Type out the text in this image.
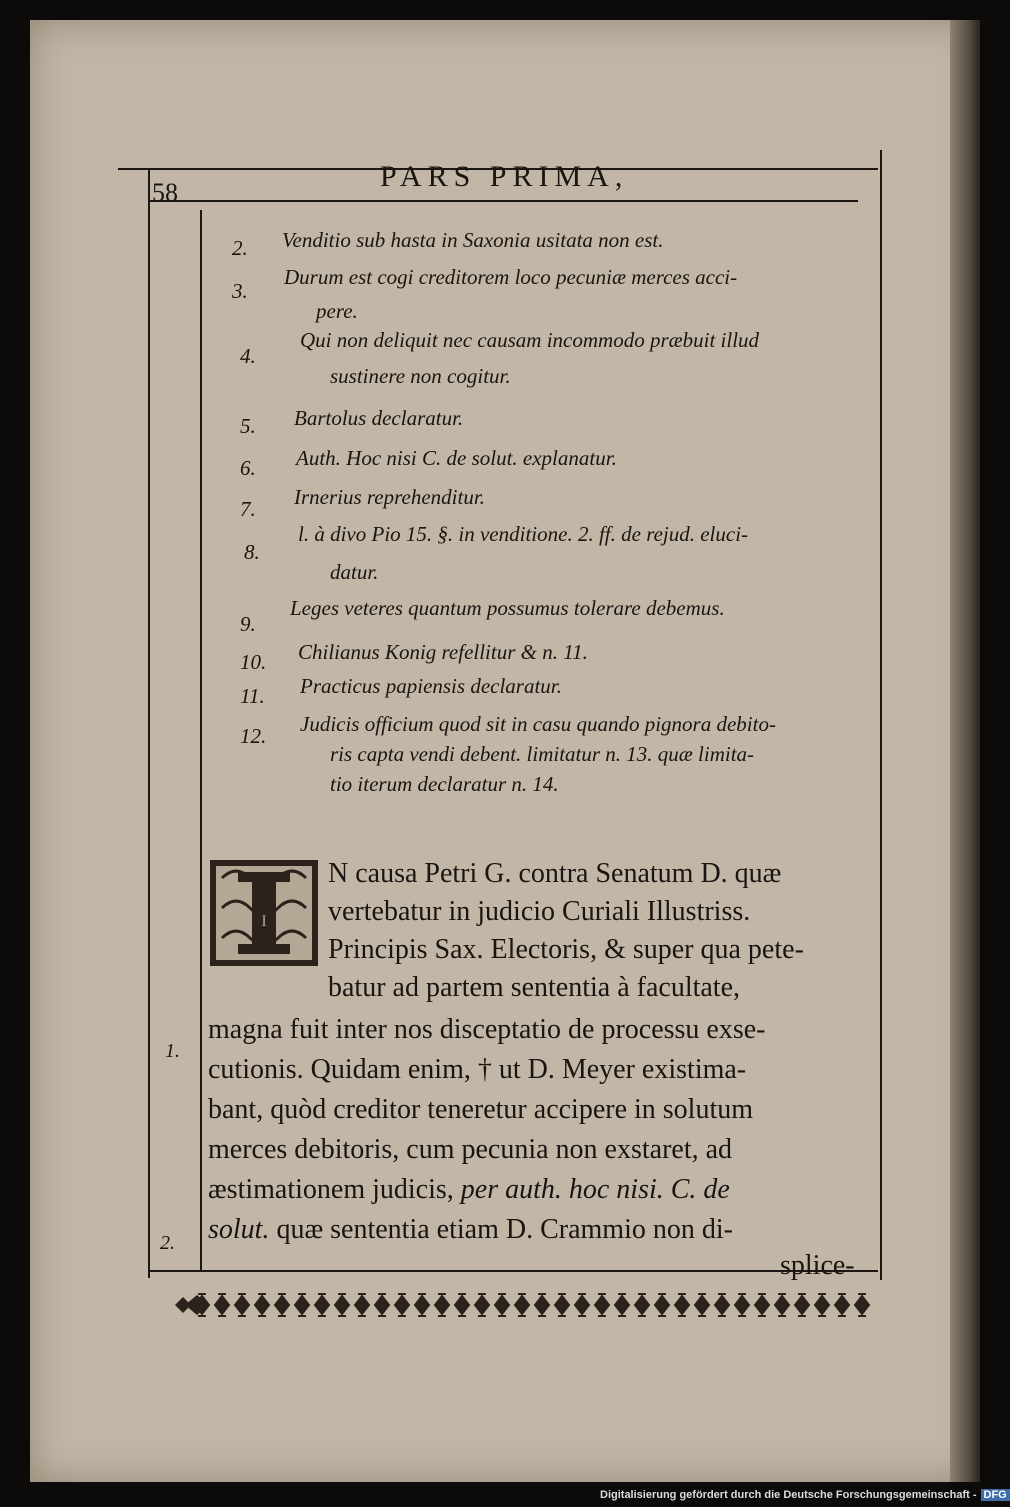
58	PARS PRIMA,
2. Venditio sub hasta in Saxonia usitata non est.
3.
Durum est cogi creditorem loco pecuniæ merces acci-
pere.
4.
Qui non deliquit nec causam incommodo præbuit illud
sustinere non cogitur.
5. Bartolus declaratur.
6. Auth. Hoc nisi C. de solut. explanatur.
7. Irnerius reprehenditur.
8.
l. à divo Pio 15. §. in venditione. 2. ff. de rejud. eluci-
datur.
9.
Leges veteres quantum possumus tolerare debemus.
10. Chilianus Konig refellitur & n. 11.
11. Practicus papiensis declaratur.
12. Judicis officium quod sit in casu quando pignora debito-
ris capta vendi debent. limitatur n. 13. quæ limita-
tio iterum declaratur n. 14.
I
N causa Petri G. contra Senatum D. quæ
vertebatur in judicio Curiali Illustriss.
Principis Sax. Electoris, & super qua pete-
batur ad partem sententia à facultate,
magna fuit inter nos disceptatio de processu exse-
cutionis. Quidam enim, † ut D. Meyer existima-
bant, quòd creditor teneretur accipere in solutum
merces debitoris, cum pecunia non exstaret, ad
æstimationem judicis, per auth. hoc nisi. C. de
solut. quæ sententia etiam D. Crammio non di-
1.
2.
splice-
Digitalisierung gefördert durch die Deutsche Forschungsgemeinschaft - DFG
